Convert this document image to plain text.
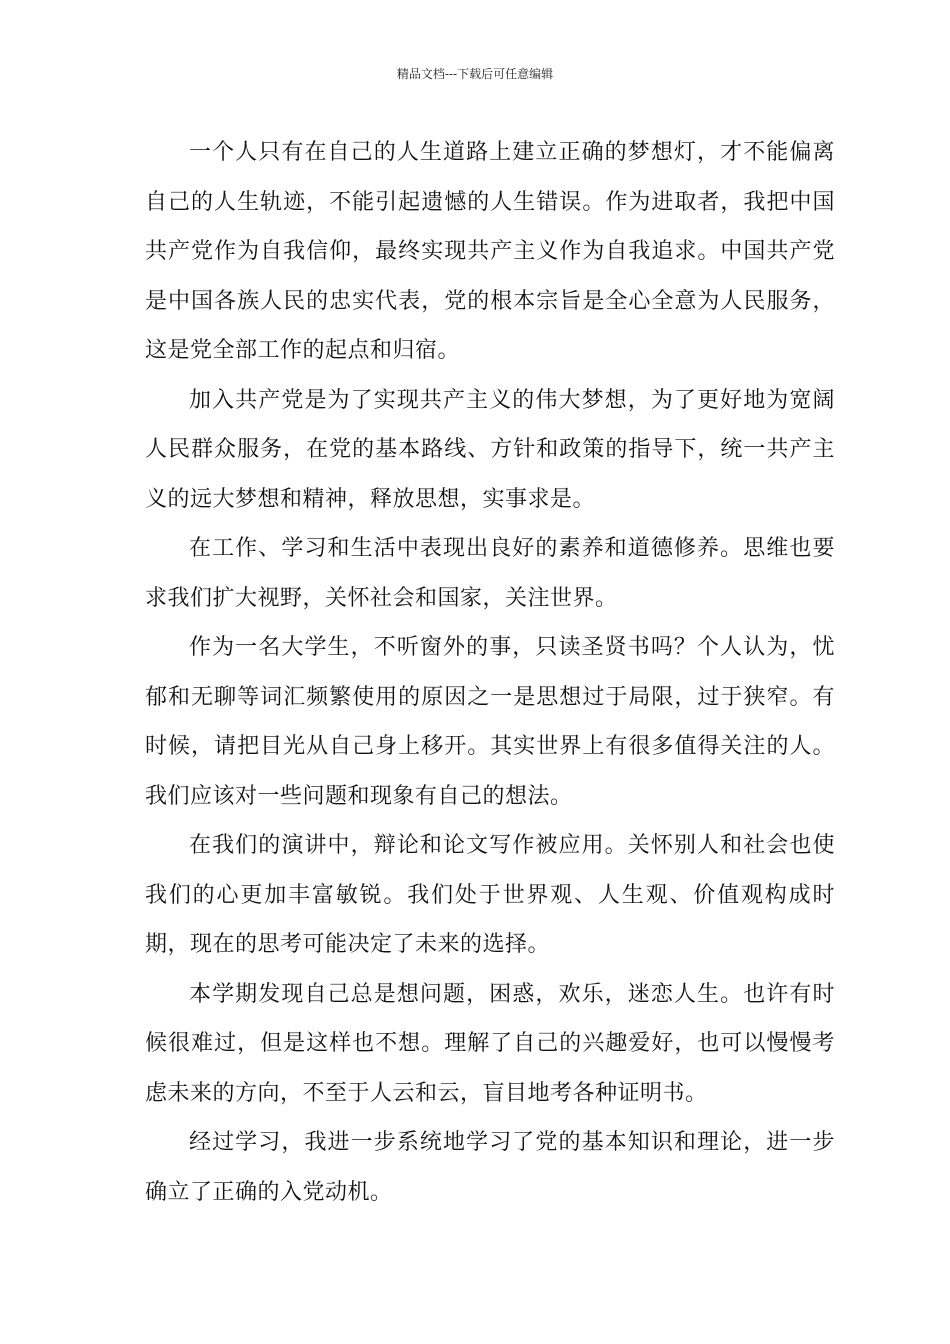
精品文档---下载后可任意编辑

一个人只有在自己的人生道路上建立正确的梦想灯，才不能偏离自己的人生轨迹，不能引起遗憾的人生错误。作为进取者，我把中国共产党作为自我信仰，最终实现共产主义作为自我追求。中国共产党是中国各族人民的忠实代表，党的根本宗旨是全心全意为人民服务，这是党全部工作的起点和归宿。

加入共产党是为了实现共产主义的伟大梦想，为了更好地为宽阔人民群众服务，在党的基本路线、方针和政策的指导下，统一共产主义的远大梦想和精神，释放思想，实事求是。

在工作、学习和生活中表现出良好的素养和道德修养。思维也要求我们扩大视野，关怀社会和国家，关注世界。

作为一名大学生，不听窗外的事，只读圣贤书吗？个人认为，忧郁和无聊等词汇频繁使用的原因之一是思想过于局限，过于狭窄。有时候，请把目光从自己身上移开。其实世界上有很多值得关注的人。我们应该对一些问题和现象有自己的想法。

在我们的演讲中，辩论和论文写作被应用。关怀别人和社会也使我们的心更加丰富敏锐。我们处于世界观、人生观、价值观构成时期，现在的思考可能决定了未来的选择。

本学期发现自己总是想问题，困惑，欢乐，迷恋人生。也许有时候很难过，但是这样也不想。理解了自己的兴趣爱好，也可以慢慢考虑未来的方向，不至于人云和云，盲目地考各种证明书。

经过学习，我进一步系统地学习了党的基本知识和理论，进一步确立了正确的入党动机。
